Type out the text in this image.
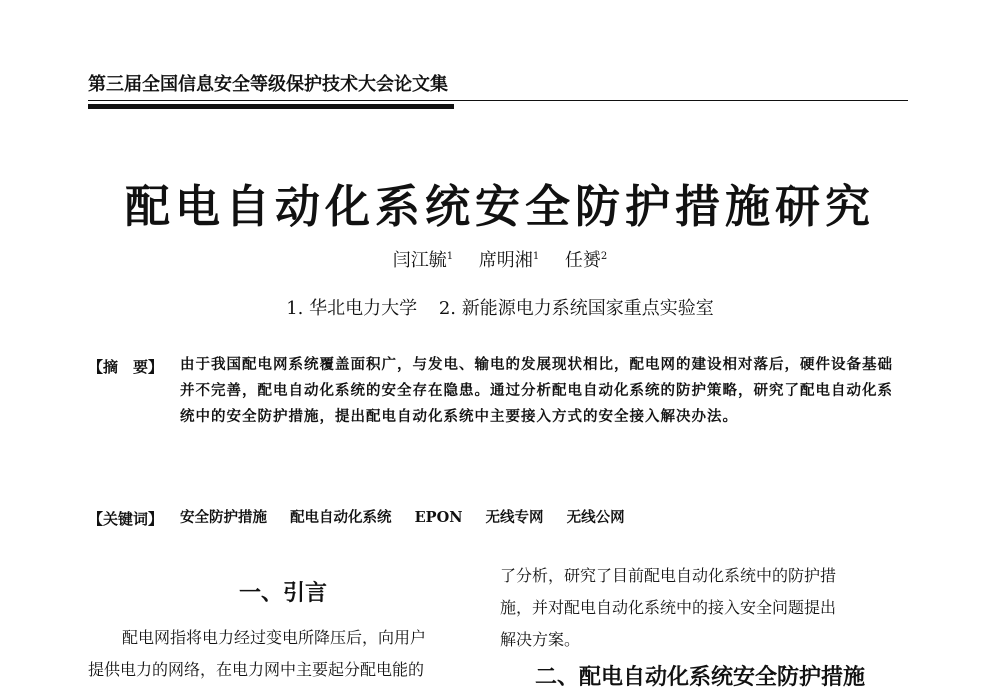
第三届全国信息安全等级保护技术大会论文集
配电自动化系统安全防护措施研究
闫江毓$^1$ 席明湘$^1$ 任赟$^2$
1. 华北电力大学 2. 新能源电力系统国家重点实验室
【摘　要】 由于我国配电网系统覆盖面积广，与发电、输电的发展现状相比，配电网的建设相对落后，硬件设备基础并不完善，配电自动化系统的安全存在隐患。通过分析配电自动化系统的防护策略，研究了配电自动化系统中的安全防护措施，提出配电自动化系统中主要接入方式的安全接入解决办法。
【关键词】 安全防护措施 配电自动化系统 EPON 无线专网 无线公网
一、引言
配电网指将电力经过变电所降压后，向用户
提供电力的网络，在电力网中主要起分配电能的
了分析，研究了目前配电自动化系统中的防护措
施，并对配电自动化系统中的接入安全问题提出
解决方案。
二、配电自动化系统安全防护措施
